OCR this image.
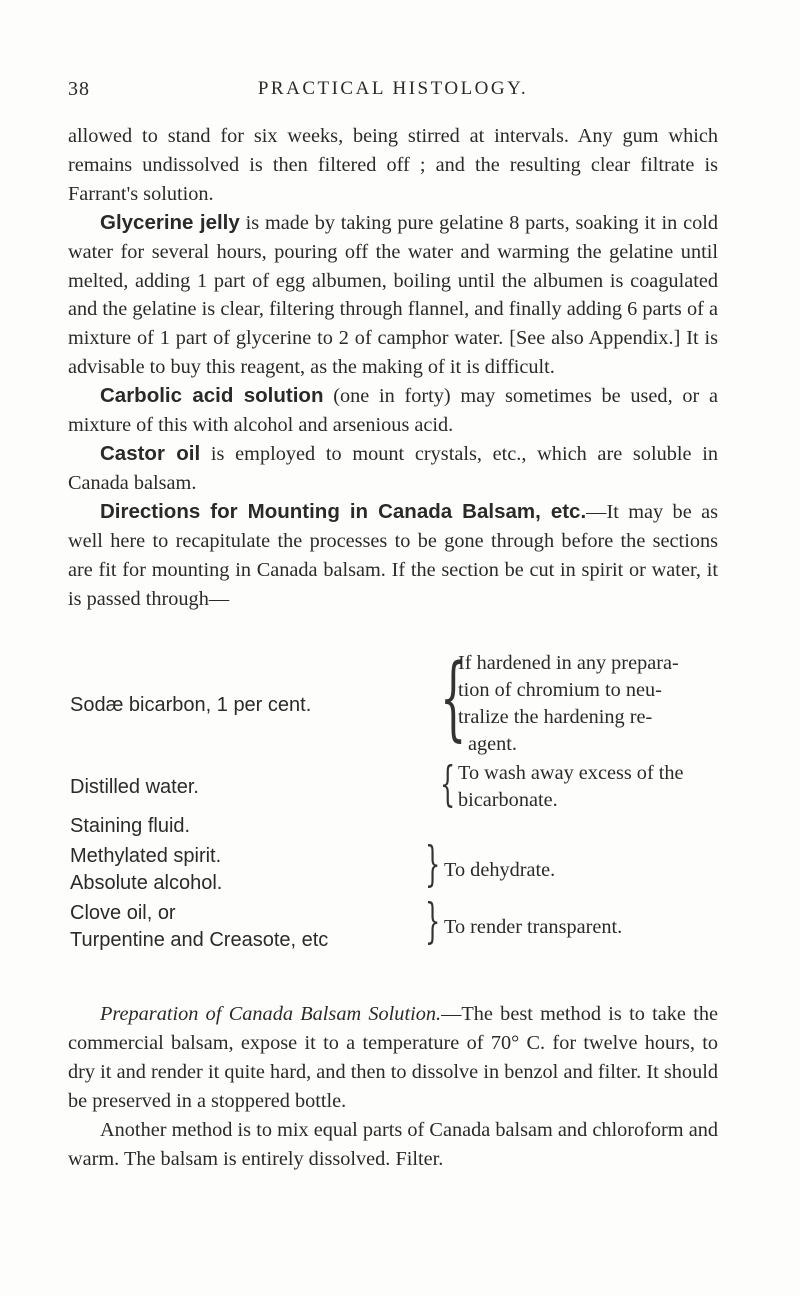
38	PRACTICAL HISTOLOGY.

allowed to stand for six weeks, being stirred at intervals. Any gum which remains undissolved is then filtered off ; and the resulting clear filtrate is Farrant's solution.

Glycerine jelly is made by taking pure gelatine 8 parts, soaking it in cold water for several hours, pouring off the water and warming the gelatine until melted, adding 1 part of egg albumen, boiling until the albumen is coagulated and the gelatine is clear, filtering through flannel, and finally adding 6 parts of a mixture of 1 part of glycerine to 2 of camphor water. [See also Appendix.] It is advisable to buy this reagent, as the making of it is difficult.

Carbolic acid solution (one in forty) may sometimes be used, or a mixture of this with alcohol and arsenious acid.

Castor oil is employed to mount crystals, etc., which are soluble in Canada balsam.

Directions for Mounting in Canada Balsam, etc.—It may be as well here to recapitulate the processes to be gone through before the sections are fit for mounting in Canada balsam. If the section be cut in spirit or water, it is passed through—

Sodæ bicarbon, 1 per cent. {
If hardened in any prepara-
tion of chromium to neu-
tralize the hardening re-
agent.
Distilled water.	{ To wash away excess of the
bicarbonate.
Staining fluid.
Methylated spirit.
Absolute alcohol.	} To dehydrate.
Clove oil, or
Turpentine and Creasote, etc } To render transparent.

Preparation of Canada Balsam Solution.—The best method is to take the commercial balsam, expose it to a temperature of 70° C. for twelve hours, to dry it and render it quite hard, and then to dissolve in benzol and filter. It should be preserved in a stoppered bottle.

Another method is to mix equal parts of Canada balsam and chloroform and warm. The balsam is entirely dissolved. Filter.
